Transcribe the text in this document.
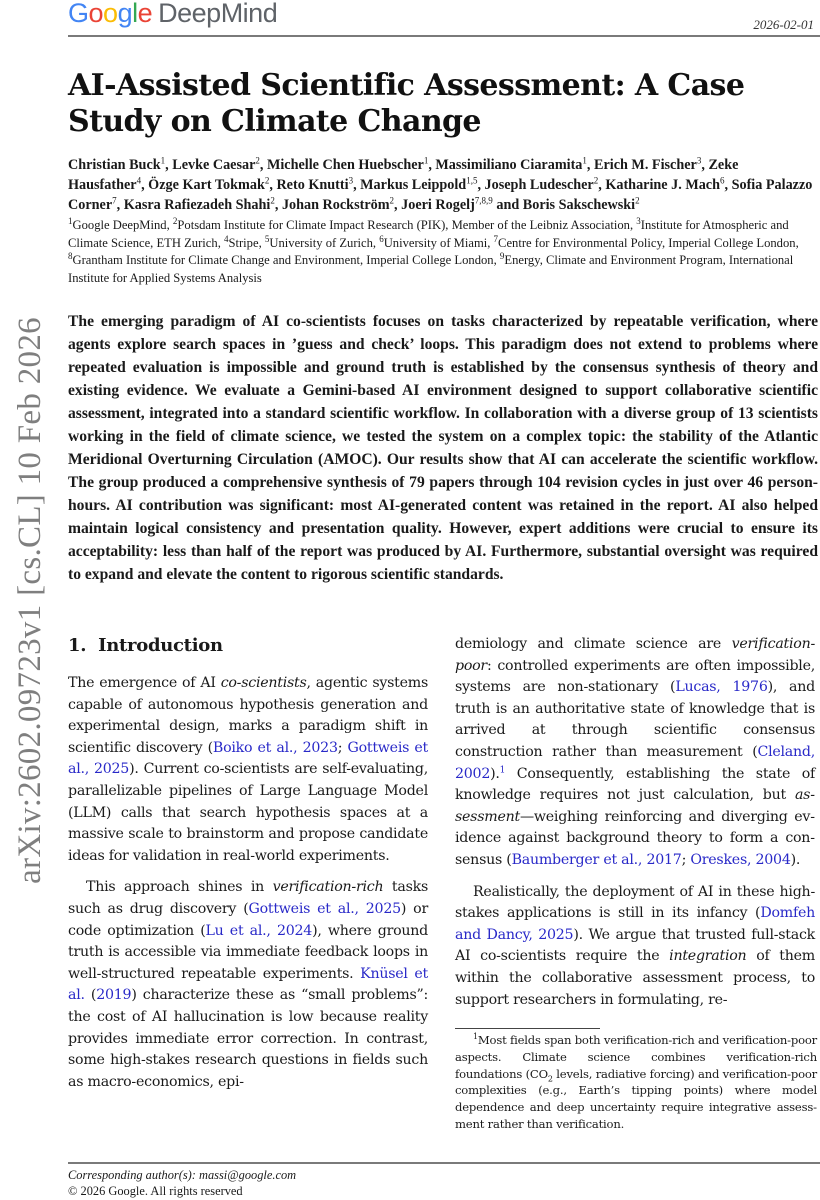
arXiv:2602.09723v1 [cs.CL] 10 Feb 2026
Google DeepMind	2026-02-01
AI-Assisted Scientific Assessment: A Case Study on Climate Change
Christian Buck$^1$, Levke Caesar$^2$, Michelle Chen Huebscher$^1$, Massimiliano Ciaramita$^1$, Erich M. Fischer$^3$, Zeke Hausfather$^4$, Özge Kart Tokmak$^2$, Reto Knutti$^3$, Markus Leippold$^{1,5}$, Joseph Ludescher$^2$, Katharine J. Mach$^6$, Sofia Palazzo Corner$^7$, Kasra Rafiezadeh Shahi$^2$, Johan Rockström$^2$, Joeri Rogelj$^{7,8,9}$ and Boris Sakschewski$^2$
$^1$Google DeepMind, $^2$Potsdam Institute for Climate Impact Research (PIK), Member of the Leibniz Association, $^3$Institute for Atmospheric and Climate Science, ETH Zurich, $^4$Stripe, $^5$University of Zurich, $^6$University of Miami, $^7$Centre for Environmental Policy, Imperial College London, $^8$Grantham Institute for Climate Change and Environment, Imperial College London, $^9$Energy, Climate and Environment Program, International Institute for Applied Systems Analysis
The emerging paradigm of AI co-scientists focuses on tasks characterized by repeatable verification, where agents explore search spaces in ’guess and check’ loops. This paradigm does not extend to problems where repeated evaluation is impossible and ground truth is established by the consensus synthesis of theory and existing evidence. We evaluate a Gemini-based AI environment designed to support collaborative scientific assessment, integrated into a standard scientific workflow. In collaboration with a diverse group of 13 scientists working in the field of climate science, we tested the system on a complex topic: the stability of the Atlantic Meridional Overturning Circulation (AMOC). Our results show that AI can accelerate the scientific workflow. The group produced a comprehensive synthesis of 79 papers through 104 revision cycles in just over 46 person-hours. AI contribution was significant: most AI-generated content was retained in the report. AI also helped maintain logical consistency and presentation quality. However, expert additions were crucial to ensure its acceptability: less than half of the report was produced by AI. Furthermore, substantial oversight was required to expand and elevate the content to rigorous scientific standards.
1. Introduction

The emergence of AI co-scientists, agentic systems capable of autonomous hypothesis generation and experimental design, marks a paradigm shift in scientific discovery (Boiko et al., 2023; Gottweis et al., 2025). Current co-scientists are self-evaluating, parallelizable pipelines of Large Language Model (LLM) calls that search hypothesis spaces at a massive scale to brainstorm and propose candidate ideas for validation in real-world experiments.

This approach shines in verification-rich tasks such as drug discovery (Gottweis et al., 2025) or code optimization (Lu et al., 2024), where ground truth is accessible via immediate feedback loops in well-structured repeatable experiments. Knüsel et al. (2019) characterize these as “small problems”: the cost of AI hallucination is low because reality provides immediate error correction. In contrast, some high-stakes research questions in fields such as macro-economics, epi-

demiology and climate science are verification-poor: controlled experiments are often impossible, systems are non-stationary (Lucas, 1976), and truth is an authoritative state of knowledge that is arrived at through scientific consensus construction rather than measurement (Cleland, 2002).$^1$ Consequently, establishing the state of knowledge requires not just calculation, but assessment—weighing reinforcing and diverging evidence against background theory to form a consensus (Baumberger et al., 2017; Oreskes, 2004).

Realistically, the deployment of AI in these high-stakes applications is still in its infancy (Domfeh and Dancy, 2025). We argue that trusted full-stack AI co-scientists require the integration of them within the collaborative assessment process, to support researchers in formulating, re-

$^1$Most fields span both verification-rich and verification-poor aspects. Climate science combines verification-rich foundations ($CO_2$ levels, radiative forcing) and verification-poor complexities (e.g., Earth’s tipping points) where model dependence and deep uncertainty require integrative assessment rather than verification.

Corresponding author(s): massi@google.com
© 2026 Google. All rights reserved
